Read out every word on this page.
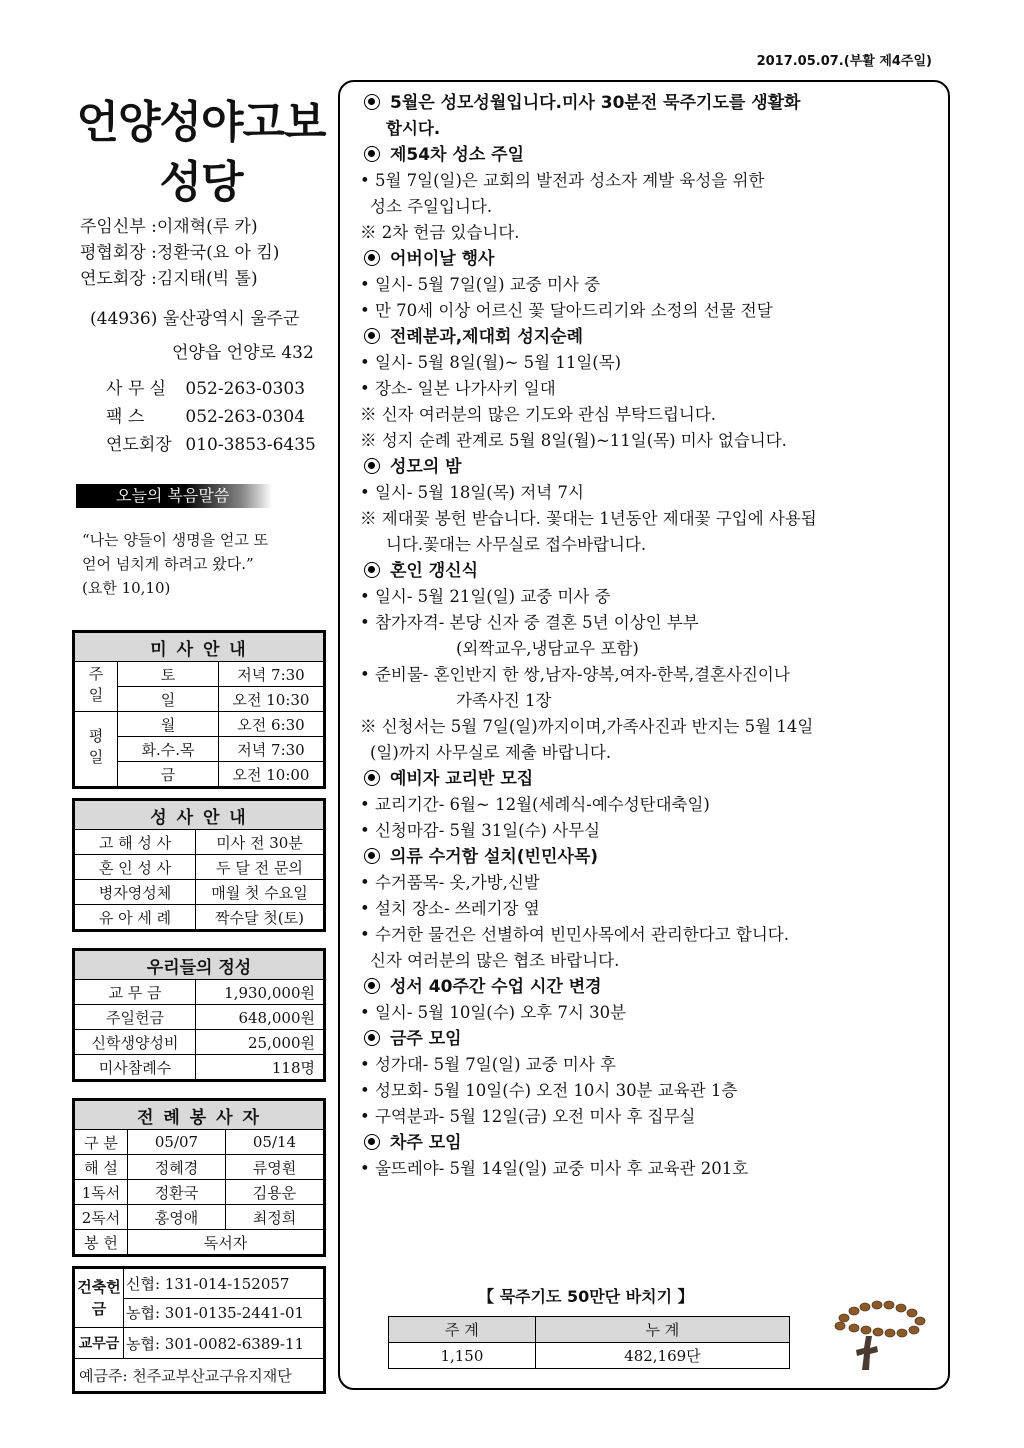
2017.05.07.(부활 제4주일)
언양성야고보
성당
주임신부 :이재혁(루 카)
평협회장 :정환국(요 아 킴)
연도회장 :김지태(빅 톨)
(44936) 울산광역시 울주군
언양읍 언양로 432
사 무 실 052-263-0303
팩 스 052-263-0304
연도회장 010-3853-6435
오늘의 복음말씀
“나는 양들이 생명을 얻고 또
얻어 넘치게 하려고 왔다.”
(요한 10,10)
미 사 안 내		
주일	토	저녁 7:30
	일	오전 10:30
평일	월	오전 6:30
	화.수.목	저녁 7:30
	금	오전 10:00
성 사 안 내	
고 해 성 사	미사 전 30분
혼 인 성 사	두 달 전 문의
병자영성체	매월 첫 수요일
유 아 세 례	짝수달 첫(토)
우리들의 정성	
교 무 금	1,930,000원
주일헌금	648,000원
신학생양성비	25,000원
미사참례수	118명
전 례 봉 사 자		
구 분	05/07	05/14
해 설	정혜경	류영훤
1독서	정환국	김용운
2독서	홍영애	최정희
봉 헌	독서자	
건축헌금	신협: 131-014-152057
	농협: 301-0135-2441-01
교무금	농협: 301-0082-6389-11
예금주: 천주교부산교구유지재단	
5월은 성모성월입니다.미사 30분전 묵주기도를 생활화
합시다.
제54차 성소 주일
• 5월 7일(일)은 교회의 발전과 성소자 계발 육성을 위한
성소 주일입니다.
※ 2차 헌금 있습니다.
어버이날 행사
• 일시- 5월 7일(일) 교중 미사 중
• 만 70세 이상 어르신 꽃 달아드리기와 소정의 선물 전달
전례분과,제대회 성지순례
• 일시- 5월 8일(월)~ 5월 11일(목)
• 장소- 일본 나가사키 일대
※ 신자 여러분의 많은 기도와 관심 부탁드립니다.
※ 성지 순례 관계로 5월 8일(월)~11일(목) 미사 없습니다.
성모의 밤
• 일시- 5월 18일(목) 저녁 7시
※ 제대꽃 봉헌 받습니다. 꽃대는 1년동안 제대꽃 구입에 사용됩
니다.꽃대는 사무실로 접수바랍니다.
혼인 갱신식
• 일시- 5월 21일(일) 교중 미사 중
• 참가자격- 본당 신자 중 결혼 5년 이상인 부부
(외짝교우,냉담교우 포함)
• 준비물- 혼인반지 한 쌍,남자-양복,여자-한복,결혼사진이나
가족사진 1장
※ 신청서는 5월 7일(일)까지이며,가족사진과 반지는 5월 14일
(일)까지 사무실로 제출 바랍니다.
예비자 교리반 모집
• 교리기간- 6월~ 12월(세례식-예수성탄대축일)
• 신청마감- 5월 31일(수) 사무실
의류 수거함 설치(빈민사목)
• 수거품목- 옷,가방,신발
• 설치 장소- 쓰레기장 옆
• 수거한 물건은 선별하여 빈민사목에서 관리한다고 합니다.
신자 여러분의 많은 협조 바랍니다.
성서 40주간 수업 시간 변경
• 일시- 5월 10일(수) 오후 7시 30분
금주 모임
• 성가대- 5월 7일(일) 교중 미사 후
• 성모회- 5월 10일(수) 오전 10시 30분 교육관 1층
• 구역분과- 5월 12일(금) 오전 미사 후 집무실
차주 모임
• 울뜨레야- 5월 14일(일) 교중 미사 후 교육관 201호
【 묵주기도 50만단 바치기 】
주 계	누 계
1,150	482,169단
